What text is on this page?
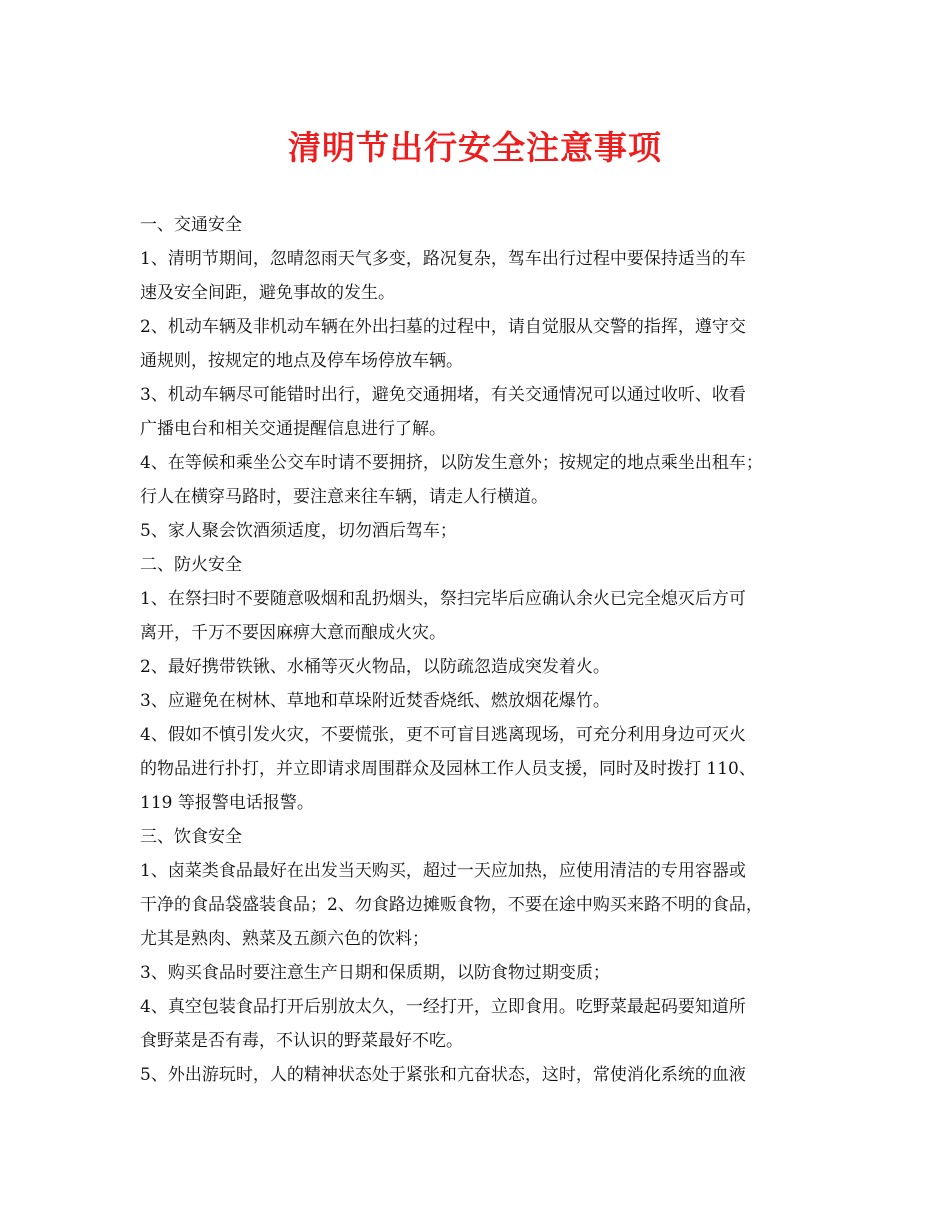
清明节出行安全注意事项
一、交通安全
1、清明节期间，忽晴忽雨天气多变，路况复杂，驾车出行过程中要保持适当的车
速及安全间距，避免事故的发生。
2、机动车辆及非机动车辆在外出扫墓的过程中，请自觉服从交警的指挥，遵守交
通规则，按规定的地点及停车场停放车辆。
3、机动车辆尽可能错时出行，避免交通拥堵，有关交通情况可以通过收听、收看
广播电台和相关交通提醒信息进行了解。
4、在等候和乘坐公交车时请不要拥挤，以防发生意外；按规定的地点乘坐出租车；
行人在横穿马路时，要注意来往车辆，请走人行横道。
5、家人聚会饮酒须适度，切勿酒后驾车；
二、防火安全
1、在祭扫时不要随意吸烟和乱扔烟头，祭扫完毕后应确认余火已完全熄灭后方可
离开，千万不要因麻痹大意而酿成火灾。
2、最好携带铁锹、水桶等灭火物品，以防疏忽造成突发着火。
3、应避免在树林、草地和草垛附近焚香烧纸、燃放烟花爆竹。
4、假如不慎引发火灾，不要慌张，更不可盲目逃离现场，可充分利用身边可灭火
的物品进行扑打，并立即请求周围群众及园林工作人员支援，同时及时拨打 110、
119 等报警电话报警。
三、饮食安全
1、卤菜类食品最好在出发当天购买，超过一天应加热，应使用清洁的专用容器或
干净的食品袋盛装食品；2、勿食路边摊贩食物，不要在途中购买来路不明的食品，
尤其是熟肉、熟菜及五颜六色的饮料；
3、购买食品时要注意生产日期和保质期，以防食物过期变质；
4、真空包装食品打开后别放太久，一经打开，立即食用。吃野菜最起码要知道所
食野菜是否有毒，不认识的野菜最好不吃。
5、外出游玩时，人的精神状态处于紧张和亢奋状态，这时，常使消化系统的血液
